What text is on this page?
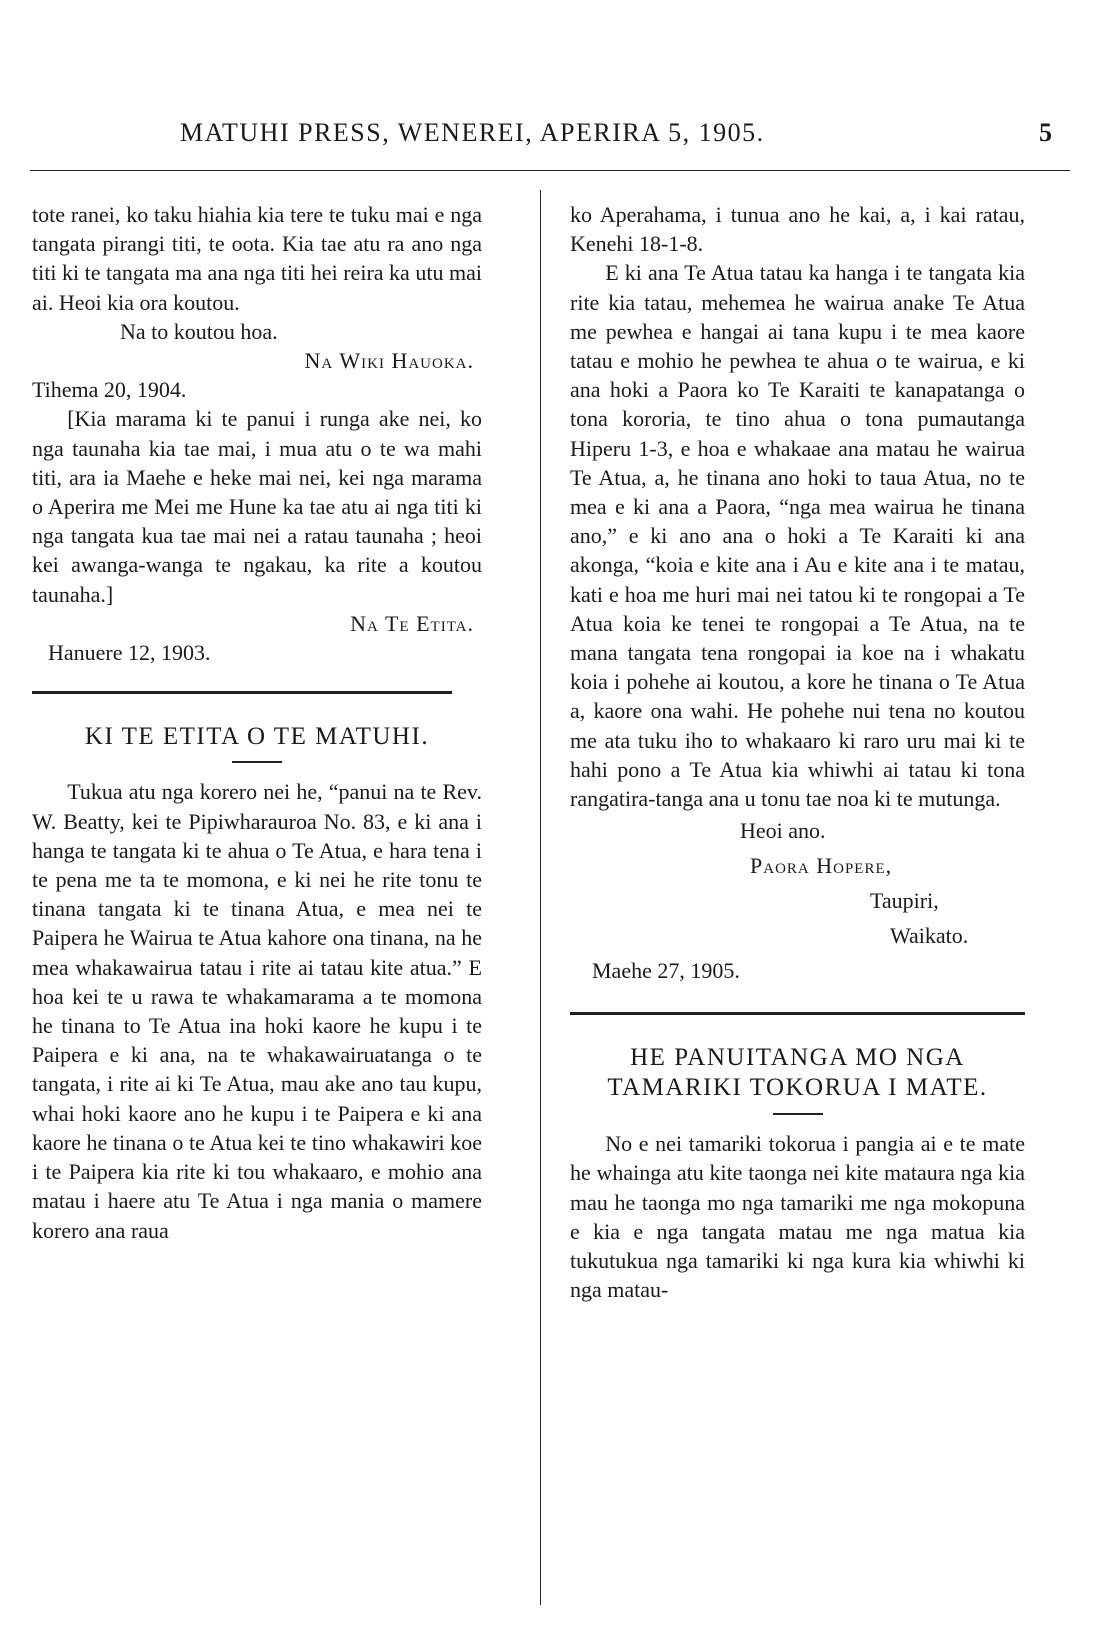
MATUHI PRESS, WENEREI, APERIRA 5, 1905.	5

tote ranei, ko taku hiahia kia tere te tuku mai e nga tangata pirangi titi, te oota. Kia tae atu ra ano nga titi ki te tangata ma ana nga titi hei reira ka utu mai ai. Heoi kia ora koutou.

Na to koutou hoa.

Na Wiki Hauoka.

Tihema 20, 1904.

[Kia marama ki te panui i runga ake nei, ko nga taunaha kia tae mai, i mua atu o te wa mahi titi, ara ia Maehe e heke mai nei, kei nga marama o Aperira me Mei me Hune ka tae atu ai nga titi ki nga tangata kua tae mai nei a ratau taunaha ; heoi kei awanga-wanga te ngakau, ka rite a koutou taunaha.]

Na Te Etita.

Hanuere 12, 1903.

KI TE ETITA O TE MATUHI.

Tukua atu nga korero nei he, “panui na te Rev. W. Beatty, kei te Pipiwharauroa No. 83, e ki ana i hanga te tangata ki te ahua o Te Atua, e hara tena i te pena me ta te momona, e ki nei he rite tonu te tinana tangata ki te tinana Atua, e mea nei te Paipera he Wairua te Atua kahore ona tinana, na he mea whakawairua tatau i rite ai tatau kite atua.” E hoa kei te u rawa te whakamarama a te momona he tinana to Te Atua ina hoki kaore he kupu i te Paipera e ki ana, na te whakawairuatanga o te tangata, i rite ai ki Te Atua, mau ake ano tau kupu, whai hoki kaore ano he kupu i te Paipera e ki ana kaore he tinana o te Atua kei te tino whakawiri koe i te Paipera kia rite ki tou whakaaro, e mohio ana matau i haere atu Te Atua i nga mania o mamere korero ana raua

ko Aperahama, i tunua ano he kai, a, i kai ratau, Kenehi 18-1-8.

E ki ana Te Atua tatau ka hanga i te tangata kia rite kia tatau, mehemea he wairua anake Te Atua me pewhea e hangai ai tana kupu i te mea kaore tatau e mohio he pewhea te ahua o te wairua, e ki ana hoki a Paora ko Te Karaiti te kanapatanga o tona kororia, te tino ahua o tona pumautanga Hiperu 1-3, e hoa e whakaae ana matau he wairua Te Atua, a, he tinana ano hoki to taua Atua, no te mea e ki ana a Paora, “nga mea wairua he tinana ano,” e ki ano ana o hoki a Te Karaiti ki ana akonga, “koia e kite ana i Au e kite ana i te matau, kati e hoa me huri mai nei tatou ki te rongopai a Te Atua koia ke tenei te rongopai a Te Atua, na te mana tangata tena rongopai ia koe na i whakatu koia i pohehe ai koutou, a kore he tinana o Te Atua a, kaore ona wahi. He pohehe nui tena no koutou me ata tuku iho to whakaaro ki raro uru mai ki te hahi pono a Te Atua kia whiwhi ai tatau ki tona rangatira-tanga ana u tonu tae noa ki te mutunga.

Heoi ano.
Paora Hopere,
Taupiri,
Waikato.
Maehe 27, 1905.
HE PANUITANGA MO NGA
TAMARIKI TOKORUA I MATE.

No e nei tamariki tokorua i pangia ai e te mate he whainga atu kite taonga nei kite mataura nga kia mau he taonga mo nga tamariki me nga mokopuna e kia e nga tangata matau me nga matua kia tukutukua nga tamariki ki nga kura kia whiwhi ki nga matau-
